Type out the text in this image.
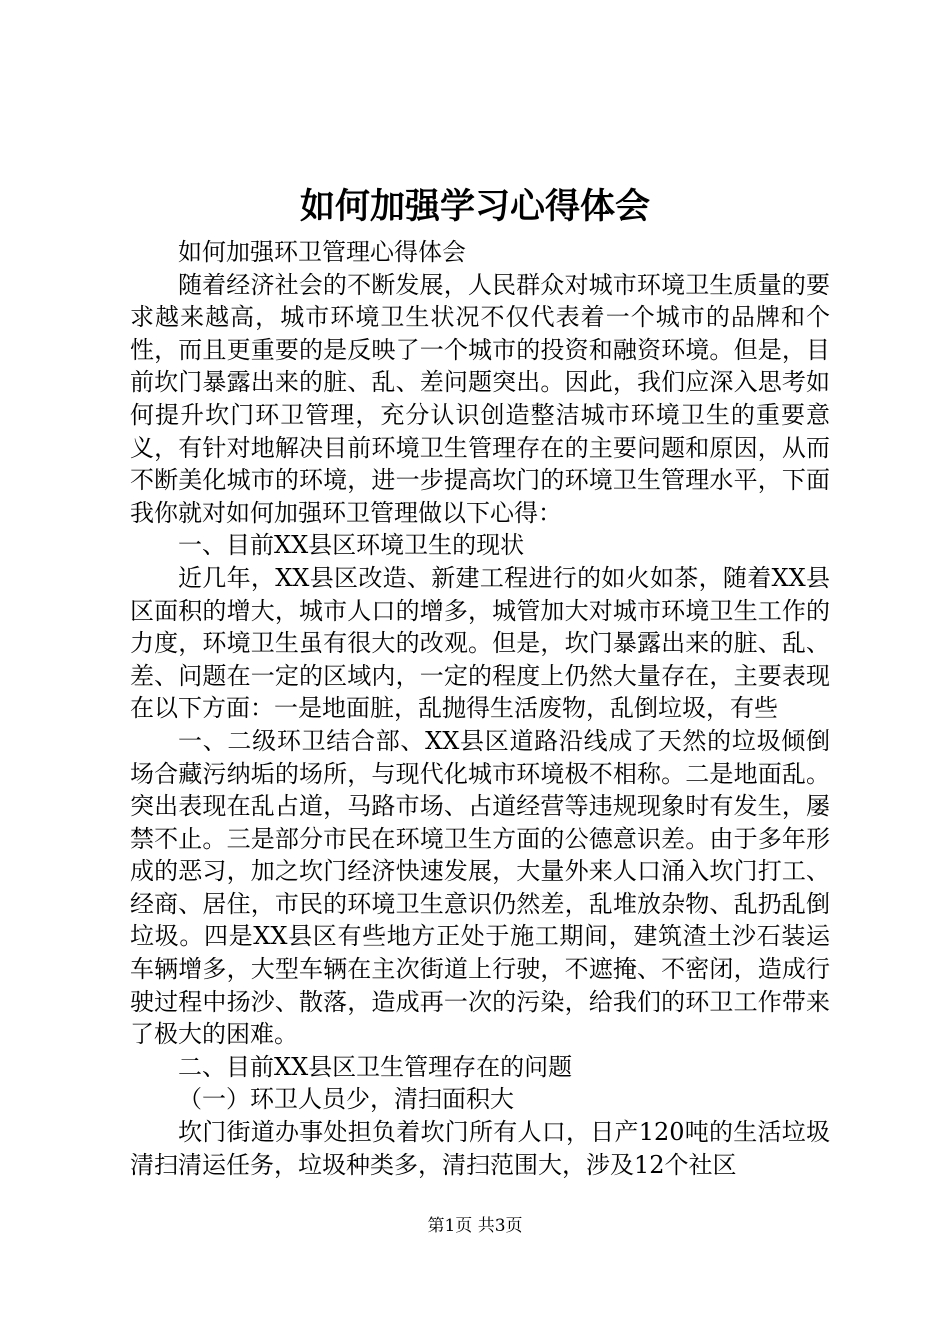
如何加强学习心得体会

如何加强环卫管理心得体会

随着经济社会的不断发展，人民群众对城市环境卫生质量的要求越来越高，城市环境卫生状况不仅代表着一个城市的品牌和个性，而且更重要的是反映了一个城市的投资和融资环境。但是，目前坎门暴露出来的脏、乱、差问题突出。因此，我们应深入思考如何提升坎门环卫管理，充分认识创造整洁城市环境卫生的重要意义，有针对地解决目前环境卫生管理存在的主要问题和原因，从而不断美化城市的环境，进一步提高坎门的环境卫生管理水平，下面我你就对如何加强环卫管理做以下心得：

一、目前XX县区环境卫生的现状

近几年，XX县区改造、新建工程进行的如火如茶，随着XX县区面积的增大，城市人口的增多，城管加大对城市环境卫生工作的力度，环境卫生虽有很大的改观。但是，坎门暴露出来的脏、乱、差、问题在一定的区域内，一定的程度上仍然大量存在，主要表现在以下方面：一是地面脏，乱抛得生活废物，乱倒垃圾，有些

一、二级环卫结合部、XX县区道路沿线成了天然的垃圾倾倒场合藏污纳垢的场所，与现代化城市环境极不相称。二是地面乱。突出表现在乱占道，马路市场、占道经营等违规现象时有发生，屡禁不止。三是部分市民在环境卫生方面的公德意识差。由于多年形成的恶习，加之坎门经济快速发展，大量外来人口涌入坎门打工、经商、居住，市民的环境卫生意识仍然差，乱堆放杂物、乱扔乱倒垃圾。四是XX县区有些地方正处于施工期间，建筑渣土沙石装运车辆增多，大型车辆在主次街道上行驶，不遮掩、不密闭，造成行驶过程中扬沙、散落，造成再一次的污染，给我们的环卫工作带来了极大的困难。

二、目前XX县区卫生管理存在的问题

（一）环卫人员少，清扫面积大

坎门街道办事处担负着坎门所有人口，日产120吨的生活垃圾清扫清运任务，垃圾种类多，清扫范围大，涉及12个社区

第1页 共3页
